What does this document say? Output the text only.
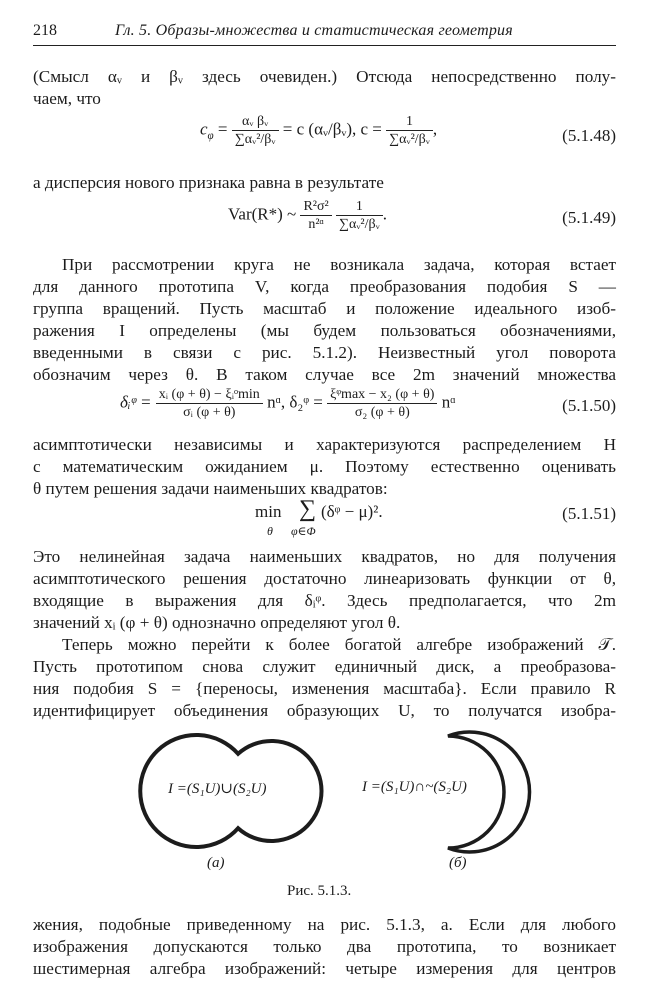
218	Гл. 5. Образы-множества и статистическая геометрия
(Смысл αᵥ и βᵥ здесь очевиден.) Отсюда непосредственно полу-
чаем, что
$c_\varphi = \frac{\text{αᵥ βᵥ}}{\text{∑αᵥ²/βᵥ}} = c$ (αᵥ/βᵥ), $c = \frac{1}{\text{∑αᵥ²/βᵥ}}$ ,	(5.1.48)
а дисперсия нового признака равна в результате
Var(R*) ~ $\frac{\text{R²σ²}}{\text{n²ᵅ}}$
$\frac{1}{\text{∑αᵥ²/βᵥ}}$ .	(5.1.49)
При рассмотрении круга не возникала задача, которая встает
для данного прототипа V, когда преобразования подобия S —
группа вращений. Пусть масштаб и положение идеального изоб-
ражения I определены (мы будем пользоваться обозначениями,
введенными в связи с рис. 5.1.2). Неизвестный угол поворота
обозначим через θ. В таком случае все 2m значений множества
δᵢᵠ = $\frac{\text{xᵢ (φ + θ) − ξᵢᵒmin}}{\text{σᵢ (φ + θ)}}$ nᵅ, δ₂ᵠ = $\frac{\text{ξᵠmax − x₂ (φ + θ)}}{\text{σ₂ (φ + θ)}}$ nᵅ	(5.1.50)
асимптотически независимы и характеризуются распределением H
с математическим ожиданием μ. Поэтому естественно оценивать
θ путем решения задачи наименьших квадратов:
min
θ
∑
φ∈Φ
(δᵠ − μ)².	(5.1.51)
Это нелинейная задача наименьших квадратов, но для получения
асимптотического решения достаточно линеаризовать функции от θ,
входящие в выражения для δᵢᵠ. Здесь предполагается, что 2m
значений xᵢ (φ + θ) однозначно определяют угол θ.
Теперь можно перейти к более богатой алгебре изображений 𝒯.
Пусть прототипом снова служит единичный диск, а преобразова-
ния подобия S = {переносы, изменения масштаба}. Если правило R
идентифицирует объединения образующих U, то получатся изобра-
I =(S₁U)∪(S₂U)	I =(S₁U)∩~(S₂U)
(a)	(б)
Рис. 5.1.3.
жения, подобные приведенному на рис. 5.1.3, а. Если для любого
изображения допускаются только два прототипа, то возникает
шестимерная алгебра изображений: четыре измерения для центров
